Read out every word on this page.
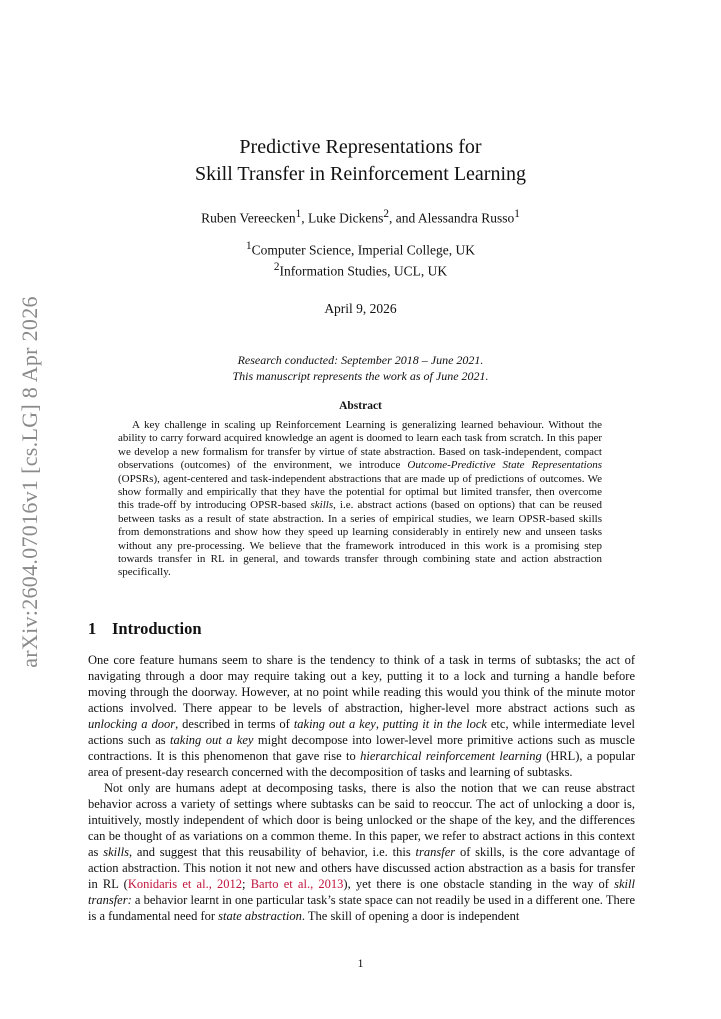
arXiv:2604.07016v1 [cs.LG] 8 Apr 2026
Predictive Representations for
Skill Transfer in Reinforcement Learning
Ruben Vereecken$^1$, Luke Dickens$^2$, and Alessandra Russo$^1$
$^1$Computer Science, Imperial College, UK
$^2$Information Studies, UCL, UK
April 9, 2026
Research conducted: September 2018 – June 2021.
This manuscript represents the work as of June 2021.
Abstract
A key challenge in scaling up Reinforcement Learning is generalizing learned behaviour. Without the ability to carry forward acquired knowledge an agent is doomed to learn each task from scratch. In this paper we develop a new formalism for transfer by virtue of state abstraction. Based on task-independent, compact observations (outcomes) of the environment, we introduce Outcome-Predictive State Representations (OPSRs), agent-centered and task-independent abstractions that are made up of predictions of outcomes. We show formally and empirically that they have the potential for optimal but limited transfer, then overcome this trade-off by introducing OPSR-based skills, i.e. abstract actions (based on options) that can be reused between tasks as a result of state abstraction. In a series of empirical studies, we learn OPSR-based skills from demonstrations and show how they speed up learning considerably in entirely new and unseen tasks without any pre-processing. We believe that the framework introduced in this work is a promising step towards transfer in RL in general, and towards transfer through combining state and action abstraction specifically.
1 Introduction

One core feature humans seem to share is the tendency to think of a task in terms of subtasks; the act of navigating through a door may require taking out a key, putting it to a lock and turning a handle before moving through the doorway. However, at no point while reading this would you think of the minute motor actions involved. There appear to be levels of abstraction, higher-level more abstract actions such as unlocking a door, described in terms of taking out a key, putting it in the lock etc, while intermediate level actions such as taking out a key might decompose into lower-level more primitive actions such as muscle contractions. It is this phenomenon that gave rise to hierarchical reinforcement learning (HRL), a popular area of present-day research concerned with the decomposition of tasks and learning of subtasks.

Not only are humans adept at decomposing tasks, there is also the notion that we can reuse abstract behavior across a variety of settings where subtasks can be said to reoccur. The act of unlocking a door is, intuitively, mostly independent of which door is being unlocked or the shape of the key, and the differences can be thought of as variations on a common theme. In this paper, we refer to abstract actions in this context as skills, and suggest that this reusability of behavior, i.e. this transfer of skills, is the core advantage of action abstraction. This notion it not new and others have discussed action abstraction as a basis for transfer in RL (Konidaris et al., 2012; Barto et al., 2013), yet there is one obstacle standing in the way of skill transfer: a behavior learnt in one particular task’s state space can not readily be used in a different one. There is a fundamental need for state abstraction. The skill of opening a door is independent

1
